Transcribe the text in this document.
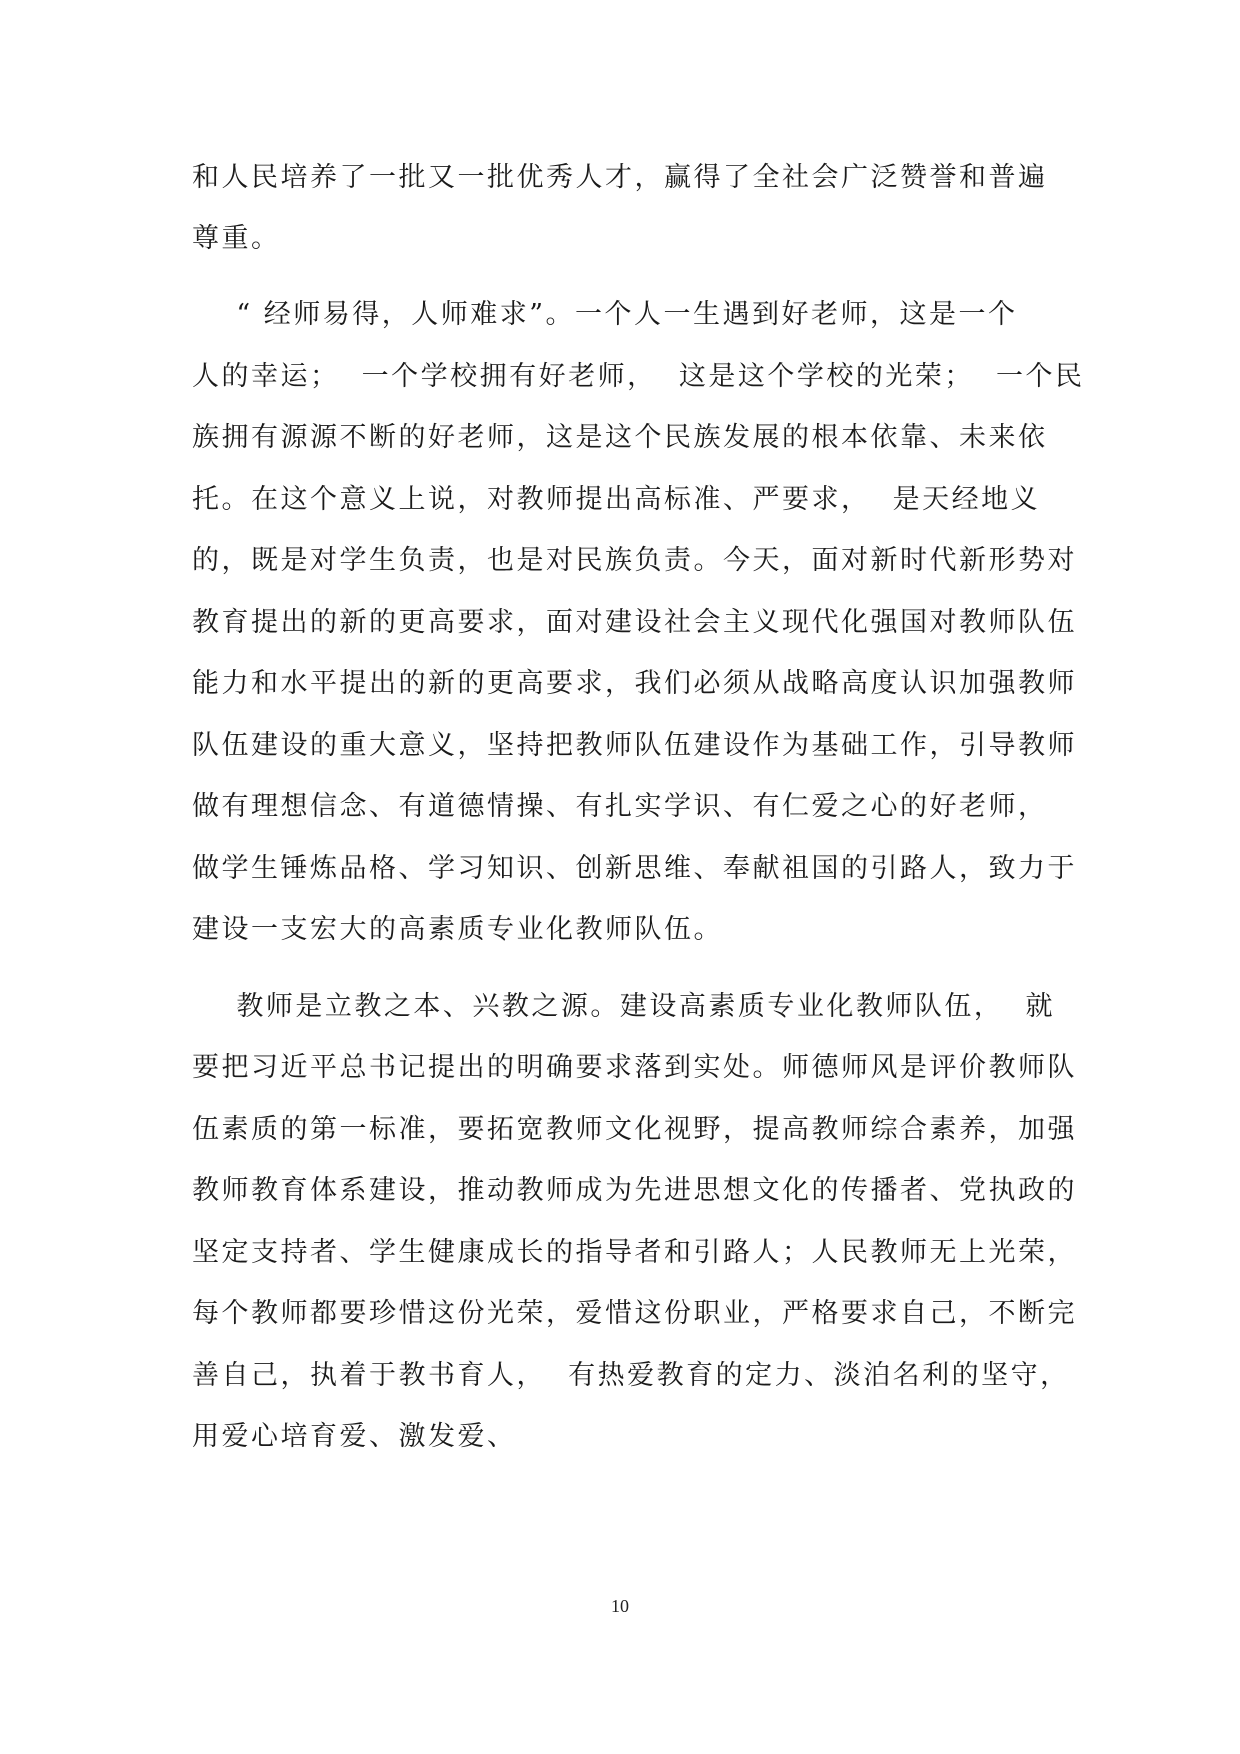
和人民培养了一批又一批优秀人才，赢得了全社会广泛赞誉和普遍
尊重。
“ 经师易得，人师难求”。一个人一生遇到好老师，这是一个
人的幸运；  一个学校拥有好老师，  这是这个学校的光荣；  一个民
族拥有源源不断的好老师，这是这个民族发展的根本依靠、未来依
托。在这个意义上说，对教师提出高标准、严要求，  是天经地义
的，既是对学生负责，也是对民族负责。今天，面对新时代新形势对
教育提出的新的更高要求，面对建设社会主义现代化强国对教师队伍
能力和水平提出的新的更高要求，我们必须从战略高度认识加强教师
队伍建设的重大意义，坚持把教师队伍建设作为基础工作，引导教师
做有理想信念、有道德情操、有扎实学识、有仁爱之心的好老师，
做学生锤炼品格、学习知识、创新思维、奉献祖国的引路人，致力于
建设一支宏大的高素质专业化教师队伍。
教师是立教之本、兴教之源。建设高素质专业化教师队伍，  就
要把习近平总书记提出的明确要求落到实处。师德师风是评价教师队
伍素质的第一标准，要拓宽教师文化视野，提高教师综合素养，加强
教师教育体系建设，推动教师成为先进思想文化的传播者、党执政的
坚定支持者、学生健康成长的指导者和引路人；人民教师无上光荣，
每个教师都要珍惜这份光荣，爱惜这份职业，严格要求自己，不断完
善自己，执着于教书育人，  有热爱教育的定力、淡泊名利的坚守，
用爱心培育爱、激发爱、
10
